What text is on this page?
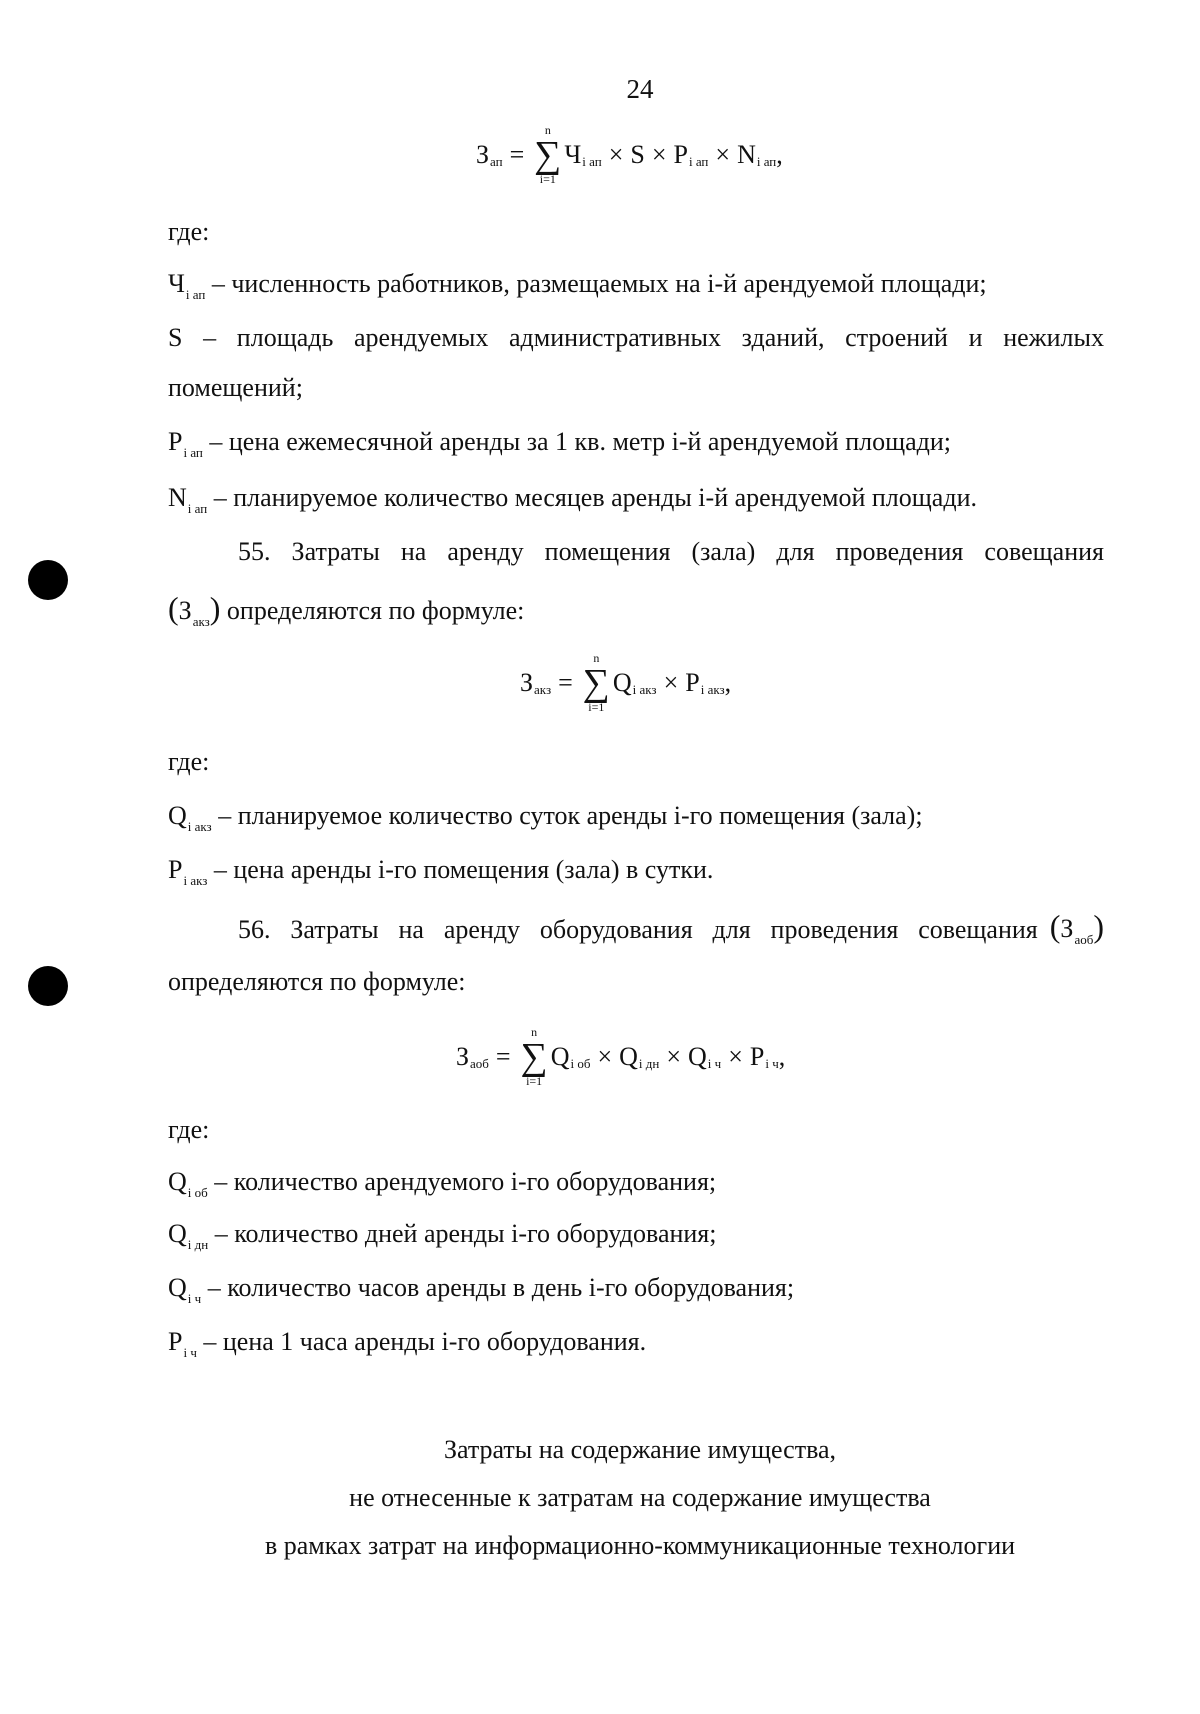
24
З ап =
n
∑
i=1
Ч i ап × S × P i ап × N i ап ,
где:
$Ч_{i ап}$ – численность работников, размещаемых на i-й арендуемой площади;
S – площадь арендуемых административных зданий, строений и нежилых
помещений;
$P_{i ап}$ – цена ежемесячной аренды за 1 кв. метр i-й арендуемой площади;
$N_{i ап}$ – планируемое количество месяцев аренды i-й арендуемой площади.
55. Затраты на аренду помещения (зала) для проведения совещания
$(З_{акз})$ определяются по формуле:
З акз =
n
∑
i=1
Q i акз × P i акз ,
где:
$Q_{i акз}$ – планируемое количество суток аренды i-го помещения (зала);
$P_{i акз}$ – цена аренды i-го помещения (зала) в сутки.
56. Затраты на аренду оборудования для проведения совещания $(З_{аоб})$
определяются по формуле:
З аоб =
n
∑
i=1
Q i об × Q i дн × Q i ч × P i ч ,
где:
$Q_{i об}$ – количество арендуемого i-го оборудования;
$Q_{i дн}$ – количество дней аренды i-го оборудования;
$Q_{i ч}$ – количество часов аренды в день i-го оборудования;
$P_{i ч}$ – цена 1 часа аренды i-го оборудования.
Затраты на содержание имущества,
не отнесенные к затратам на содержание имущества
в рамках затрат на информационно-коммуникационные технологии
